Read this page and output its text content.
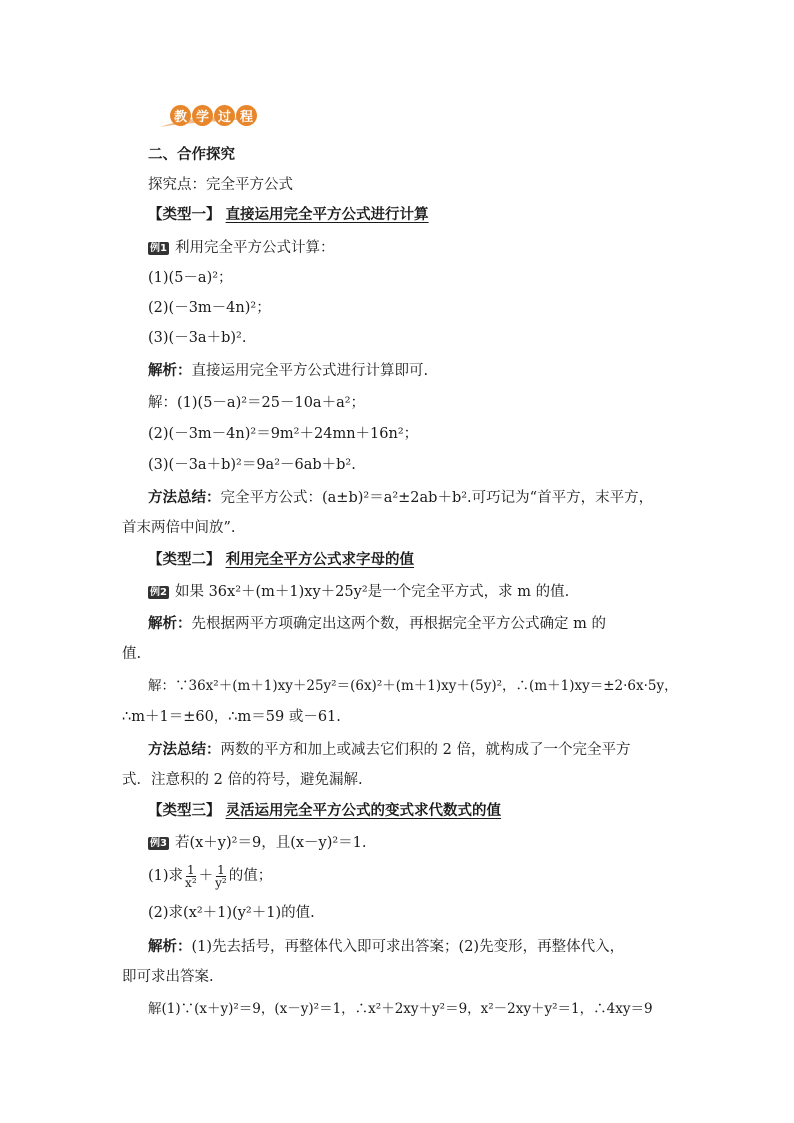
教 学 过 程
二、合作探究
探究点：完全平方公式
【类型一】 直接运用完全平方公式进行计算
例1 利用完全平方公式计算：
(1)(5－a)²；
(2)(－3m－4n)²；
(3)(－3a＋b)².
解析：直接运用完全平方公式进行计算即可.
解：(1)(5－a)²＝25－10a＋a²；
(2)(－3m－4n)²＝9m²＋24mn＋16n²；
(3)(－3a＋b)²＝9a²－6ab＋b².
方法总结：完全平方公式：(a±b)²＝a²±2ab＋b².可巧记为“首平方，末平方，
首末两倍中间放”.
【类型二】 利用完全平方公式求字母的值
例2 如果 36x²＋(m＋1)xy＋25y²是一个完全平方式，求 m 的值.
解析：先根据两平方项确定出这两个数，再根据完全平方公式确定 m 的
值.
解：∵36x²＋(m＋1)xy＋25y²＝(6x)²＋(m＋1)xy＋(5y)²，∴(m＋1)xy＝±2·6x·5y，
∴m＋1＝±60，∴m＝59 或－61.
方法总结：两数的平方和加上或减去它们积的 2 倍，就构成了一个完全平方
式．注意积的 2 倍的符号，避免漏解.
【类型三】 灵活运用完全平方公式的变式求代数式的值
例3 若(x＋y)²＝9，且(x－y)²＝1.
(1)求 $\frac{1}{\text{x²}} + \frac{1}{\text{y²}}$ 的值；
(2)求(x²＋1)(y²＋1)的值.
解析：(1)先去括号，再整体代入即可求出答案；(2)先变形，再整体代入，
即可求出答案.
解(1)∵(x＋y)²＝9，(x－y)²＝1，∴x²＋2xy＋y²＝9，x²－2xy＋y²＝1，∴4xy＝9
